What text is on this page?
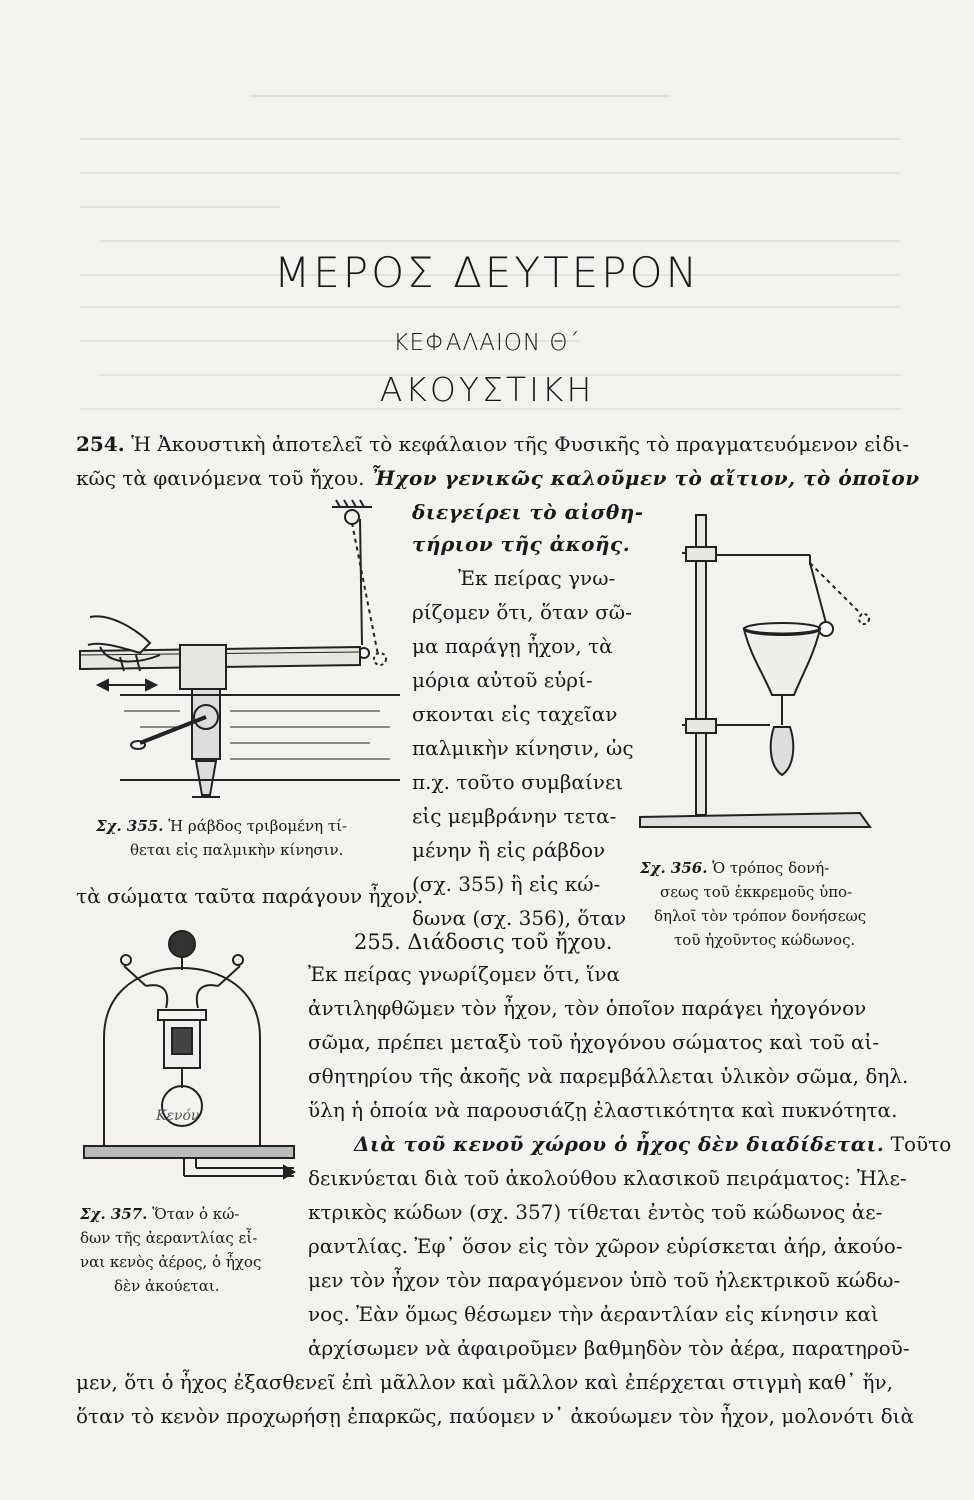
ΜΕΡΟΣ ΔΕΥΤΕΡΟΝ
ΚΕΦΑΛΑΙΟΝ Θ΄
ΑΚΟΥΣΤΙΚΗ
254. Ἡ Ἀκουστικὴ ἀποτελεῖ τὸ κεφάλαιον τῆς Φυσικῆς τὸ πραγματευόμενον εἰδι-
κῶς τὰ φαινόμενα τοῦ ἤχου. Ἦχον γενικῶς καλοῦμεν τὸ αἴτιον, τὸ ὁποῖον
διεγείρει τὸ αἰσθη-
τήριον τῆς ἀκοῆς.
Ἐκ πείρας γνω-
ρίζομεν ὅτι, ὅταν σῶ-
μα παράγῃ ἦχον, τὰ
μόρια αὐτοῦ εὑρί-
σκονται εἰς ταχεῖαν
παλμικὴν κίνησιν, ὡς
π.χ. τοῦτο συμβαίνει
εἰς μεμβράνην τετα-
μένην ἢ εἰς ράβδον
(σχ. 355) ἢ εἰς κώ-
δωνα (σχ. 356), ὅταν
τὰ σώματα ταῦτα παράγουν ἦχον.
Σχ. 355. Ἡ ράβδος τριβομένη τί-
θεται εἰς παλμικὴν κίνησιν.
Σχ. 356. Ὁ τρόπος δονή-
σεως τοῦ ἐκκρεμοῦς ὑπο-
δηλοῖ τὸν τρόπον δονήσεως
τοῦ ἠχοῦντος κώδωνος.
255. Διάδοσις τοῦ ἤχου.
Ἐκ πείρας γνωρίζομεν ὅτι, ἵνα
ἀντιληφθῶμεν τὸν ἦχον, τὸν ὁποῖον παράγει ἠχογόνον
σῶμα, πρέπει μεταξὺ τοῦ ἠχογόνου σώματος καὶ τοῦ αἰ-
σθητηρίου τῆς ἀκοῆς νὰ παρεμβάλλεται ὑλικὸν σῶμα, δηλ.
ὕλη ἡ ὁποία νὰ παρουσιάζῃ ἐλαστικότητα καὶ πυκνότητα.
Διὰ τοῦ κενοῦ χώρου ὁ ἦχος δὲν διαδίδεται. Τοῦτο
δεικνύεται διὰ τοῦ ἀκολούθου κλασικοῦ πειράματος: Ἠλε-
κτρικὸς κώδων (σχ. 357) τίθεται ἐντὸς τοῦ κώδωνος ἀε-
ραντλίας. Ἐφ᾽ ὅσον εἰς τὸν χῶρον εὑρίσκεται ἀήρ, ἀκούο-
μεν τὸν ἦχον τὸν παραγόμενον ὑπὸ τοῦ ἠλεκτρικοῦ κώδω-
νος. Ἐὰν ὅμως θέσωμεν τὴν ἀεραντλίαν εἰς κίνησιν καὶ
ἀρχίσωμεν νὰ ἀφαιροῦμεν βαθμηδὸν τὸν ἀέρα, παρατηροῦ-
μεν, ὅτι ὁ ἦχος ἐξασθενεῖ ἐπὶ μᾶλλον καὶ μᾶλλον καὶ ἐπέρχεται στιγμὴ καθ᾽ ἥν,
ὅταν τὸ κενὸν προχωρήσῃ ἐπαρκῶς, παύομεν ν᾽ ἀκούωμεν τὸν ἦχον, μολονότι διὰ
Κενόν
Σχ. 357. Ὅταν ὁ κώ-
δων τῆς ἀεραντλίας εἶ-
ναι κενὸς ἀέρος, ὁ ἦχος
δὲν ἀκούεται.
